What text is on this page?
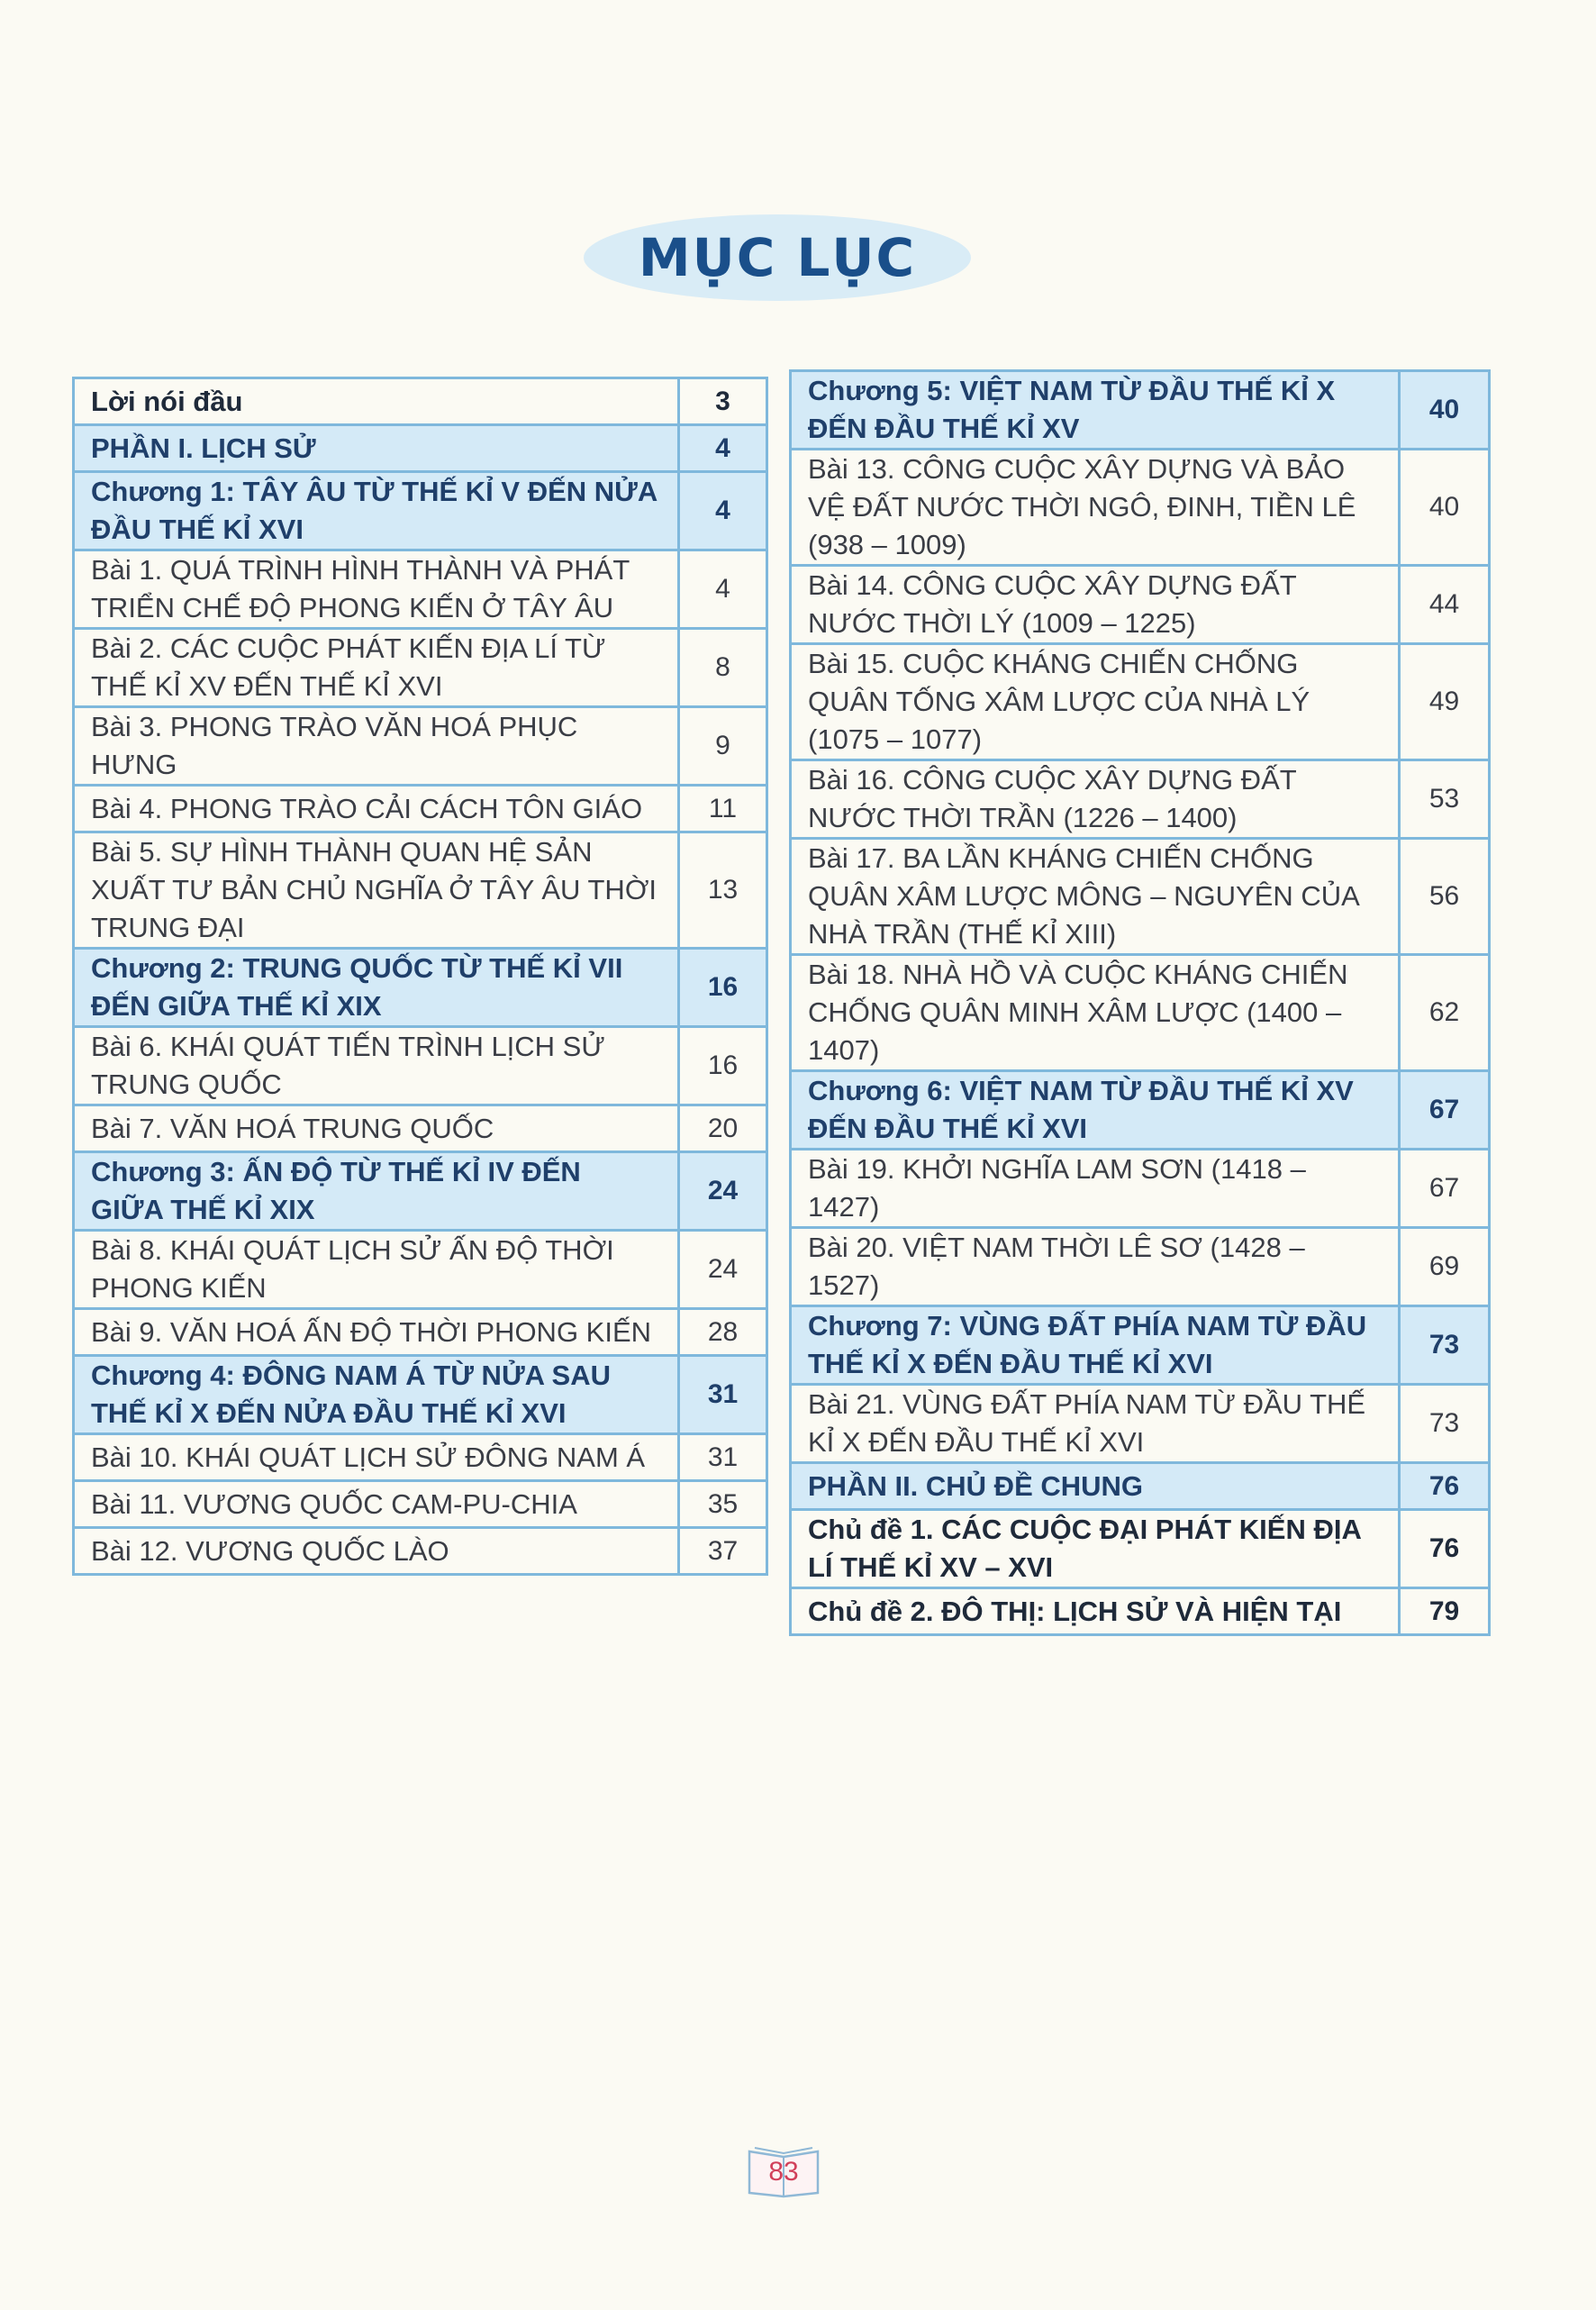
MỤC LỤC
Lời nói đầu	3
PHẦN I. LỊCH SỬ	4
Chương 1: TÂY ÂU TỪ THẾ KỈ V ĐẾN NỬA ĐẦU THẾ KỈ XVI	4
Bài 1. QUÁ TRÌNH HÌNH THÀNH VÀ PHÁT TRIỂN CHẾ ĐỘ PHONG KIẾN Ở TÂY ÂU	4
Bài 2. CÁC CUỘC PHÁT KIẾN ĐỊA LÍ TỪ THẾ KỈ XV ĐẾN THẾ KỈ XVI	8
Bài 3. PHONG TRÀO VĂN HOÁ PHỤC HƯNG	9
Bài 4. PHONG TRÀO CẢI CÁCH TÔN GIÁO	11
Bài 5. SỰ HÌNH THÀNH QUAN HỆ SẢN XUẤT TƯ BẢN CHỦ NGHĨA Ở TÂY ÂU THỜI TRUNG ĐẠI	13
Chương 2: TRUNG QUỐC TỪ THẾ KỈ VII ĐẾN GIỮA THẾ KỈ XIX	16
Bài 6. KHÁI QUÁT TIẾN TRÌNH LỊCH SỬ TRUNG QUỐC	16
Bài 7. VĂN HOÁ TRUNG QUỐC	20
Chương 3: ẤN ĐỘ TỪ THẾ KỈ IV ĐẾN GIỮA THẾ KỈ XIX	24
Bài 8. KHÁI QUÁT LỊCH SỬ ẤN ĐỘ THỜI PHONG KIẾN	24
Bài 9. VĂN HOÁ ẤN ĐỘ THỜI PHONG KIẾN	28
Chương 4: ĐÔNG NAM Á TỪ NỬA SAU THẾ KỈ X ĐẾN NỬA ĐẦU THẾ KỈ XVI	31
Bài 10. KHÁI QUÁT LỊCH SỬ ĐÔNG NAM Á	31
Bài 11. VƯƠNG QUỐC CAM-PU-CHIA	35
Bài 12. VƯƠNG QUỐC LÀO	37
Chương 5: VIỆT NAM TỪ ĐẦU THẾ KỈ X ĐẾN ĐẦU THẾ KỈ XV	40
Bài 13. CÔNG CUỘC XÂY DỰNG VÀ BẢO VỆ ĐẤT NƯỚC THỜI NGÔ, ĐINH, TIỀN LÊ (938 – 1009)	40
Bài 14. CÔNG CUỘC XÂY DỰNG ĐẤT NƯỚC THỜI LÝ (1009 – 1225)	44
Bài 15. CUỘC KHÁNG CHIẾN CHỐNG QUÂN TỐNG XÂM LƯỢC CỦA NHÀ LÝ (1075 – 1077)	49
Bài 16. CÔNG CUỘC XÂY DỰNG ĐẤT NƯỚC THỜI TRẦN (1226 – 1400)	53
Bài 17. BA LẦN KHÁNG CHIẾN CHỐNG QUÂN XÂM LƯỢC MÔNG – NGUYÊN CỦA NHÀ TRẦN (THẾ KỈ XIII)	56
Bài 18. NHÀ HỒ VÀ CUỘC KHÁNG CHIẾN CHỐNG QUÂN MINH XÂM LƯỢC (1400 – 1407)	62
Chương 6: VIỆT NAM TỪ ĐẦU THẾ KỈ XV ĐẾN ĐẦU THẾ KỈ XVI	67
Bài 19. KHỞI NGHĨA LAM SƠN (1418 – 1427)	67
Bài 20. VIỆT NAM THỜI LÊ SƠ (1428 – 1527)	69
Chương 7: VÙNG ĐẤT PHÍA NAM TỪ ĐẦU THẾ KỈ X ĐẾN ĐẦU THẾ KỈ XVI	73
Bài 21. VÙNG ĐẤT PHÍA NAM TỪ ĐẦU THẾ KỈ X ĐẾN ĐẦU THẾ KỈ XVI	73
PHẦN II. CHỦ ĐỀ CHUNG	76
Chủ đề 1. CÁC CUỘC ĐẠI PHÁT KIẾN ĐỊA LÍ THẾ KỈ XV – XVI	76
Chủ đề 2. ĐÔ THỊ: LỊCH SỬ VÀ HIỆN TẠI	79
83
